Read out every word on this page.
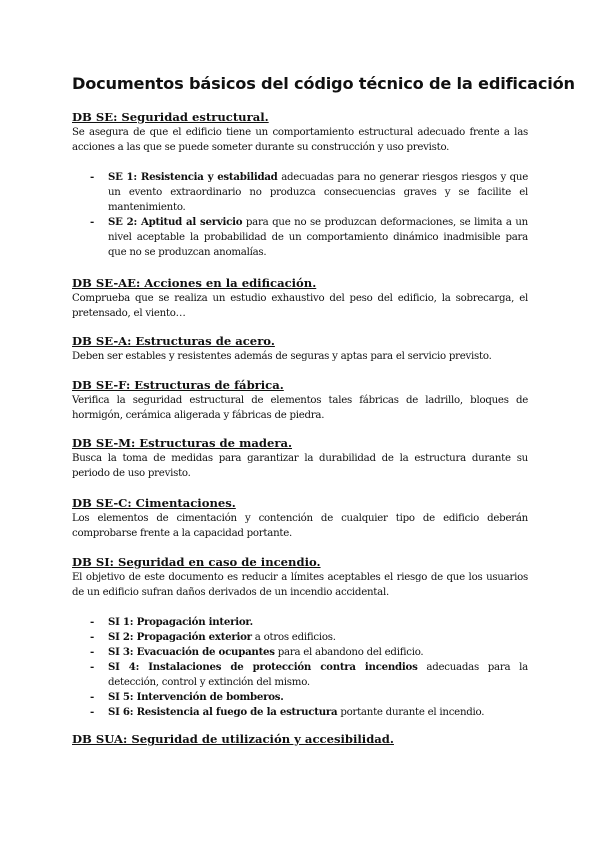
Documentos básicos del código técnico de la edificación

DB SE: Seguridad estructural.

Se asegura de que el edificio tiene un comportamiento estructural adecuado frente a las acciones a las que se puede someter durante su construcción y uso previsto.

- SE 1: Resistencia y estabilidad adecuadas para no generar riesgos riesgos y que un evento extraordinario no produzca consecuencias graves y se facilite el mantenimiento.
- SE 2: Aptitud al servicio para que no se produzcan deformaciones, se limita a un nivel aceptable la probabilidad de un comportamiento dinámico inadmisible para que no se produzcan anomalías.

DB SE-AE: Acciones en la edificación.

Comprueba que se realiza un estudio exhaustivo del peso del edificio, la sobrecarga, el pretensado, el viento…

DB SE-A: Estructuras de acero.

Deben ser estables y resistentes además de seguras y aptas para el servicio previsto.

DB SE-F: Estructuras de fábrica.

Verifica la seguridad estructural de elementos tales fábricas de ladrillo, bloques de hormigón, cerámica aligerada y fábricas de piedra.

DB SE-M: Estructuras de madera.

Busca la toma de medidas para garantizar la durabilidad de la estructura durante su periodo de uso previsto.

DB SE-C: Cimentaciones.

Los elementos de cimentación y contención de cualquier tipo de edificio deberán comprobarse frente a la capacidad portante.

DB SI: Seguridad en caso de incendio.

El objetivo de este documento es reducir a límites aceptables el riesgo de que los usuarios de un edificio sufran daños derivados de un incendio accidental.

- SI 1: Propagación interior.
- SI 2: Propagación exterior a otros edificios.
- SI 3: Evacuación de ocupantes para el abandono del edificio.
- SI 4: Instalaciones de protección contra incendios adecuadas para la detección, control y extinción del mismo.
- SI 5: Intervención de bomberos.
- SI 6: Resistencia al fuego de la estructura portante durante el incendio.

DB SUA: Seguridad de utilización y accesibilidad.
